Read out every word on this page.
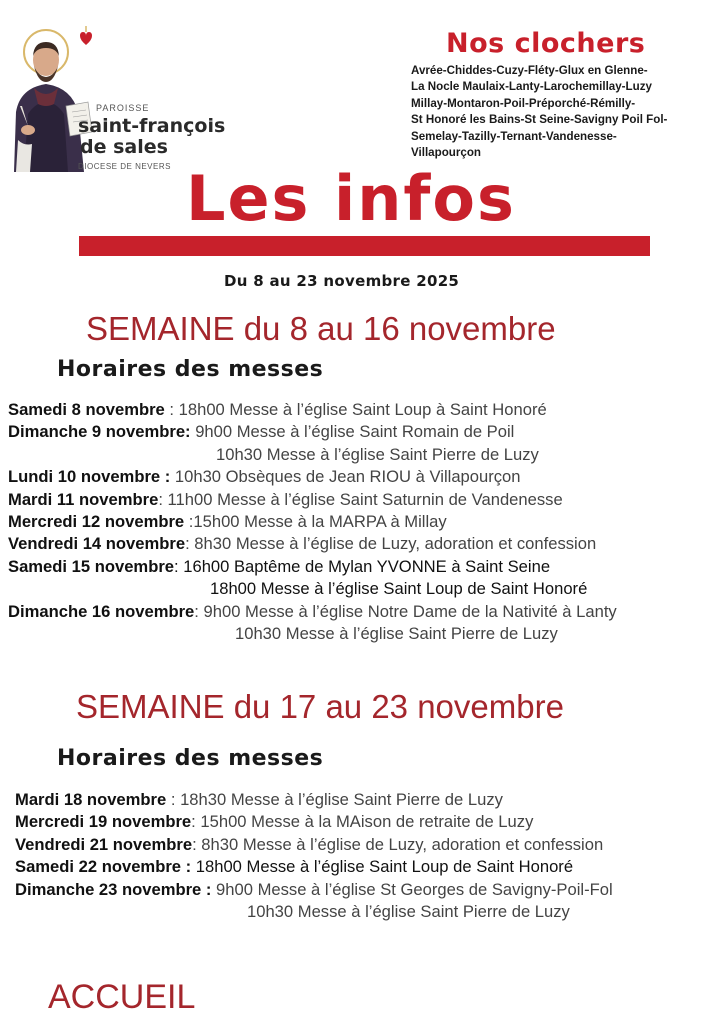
PAROISSE
saint-françois
de sales
DIOCESE DE NEVERS
Nos clochers
Avrée-Chiddes-Cuzy-Fléty-Glux en Glenne-
La Nocle Maulaix-Lanty-Larochemillay-Luzy
Millay-Montaron-Poil-Préporché-Rémilly-
St Honoré les Bains-St Seine-Savigny Poil Fol-
Semelay-Tazilly-Ternant-Vandenesse-
Villapourçon
Les infos
Du 8 au 23 novembre 2025
SEMAINE du 8 au 16 novembre
Horaires des messes
Samedi 8 novembre : 18h00 Messe à l’église Saint Loup à Saint Honoré
Dimanche 9 novembre: 9h00 Messe à l’église Saint Romain de Poil
10h30 Messe à l’église Saint Pierre de Luzy
Lundi 10 novembre : 10h30 Obsèques de Jean RIOU à Villapourçon
Mardi 11 novembre: 11h00 Messe à l’église Saint Saturnin de Vandenesse
Mercredi 12 novembre :15h00 Messe à la MARPA à Millay
Vendredi 14 novembre: 8h30 Messe à l’église de Luzy, adoration et confession
Samedi 15 novembre: 16h00 Baptême de Mylan YVONNE à Saint Seine
18h00 Messe à l’église Saint Loup de Saint Honoré
Dimanche 16 novembre: 9h00 Messe à l’église Notre Dame de la Nativité à Lanty
10h30 Messe à l’église Saint Pierre de Luzy
SEMAINE du 17 au 23 novembre
Horaires des messes
Mardi 18 novembre : 18h30 Messe à l’église Saint Pierre de Luzy
Mercredi 19 novembre: 15h00 Messe à la MAison de retraite de Luzy
Vendredi 21 novembre: 8h30 Messe à l’église de Luzy, adoration et confession
Samedi 22 novembre : 18h00 Messe à l’église Saint Loup de Saint Honoré
Dimanche 23 novembre : 9h00 Messe à l’église St Georges de Savigny-Poil-Fol
10h30 Messe à l’église Saint Pierre de Luzy
ACCUEIL
